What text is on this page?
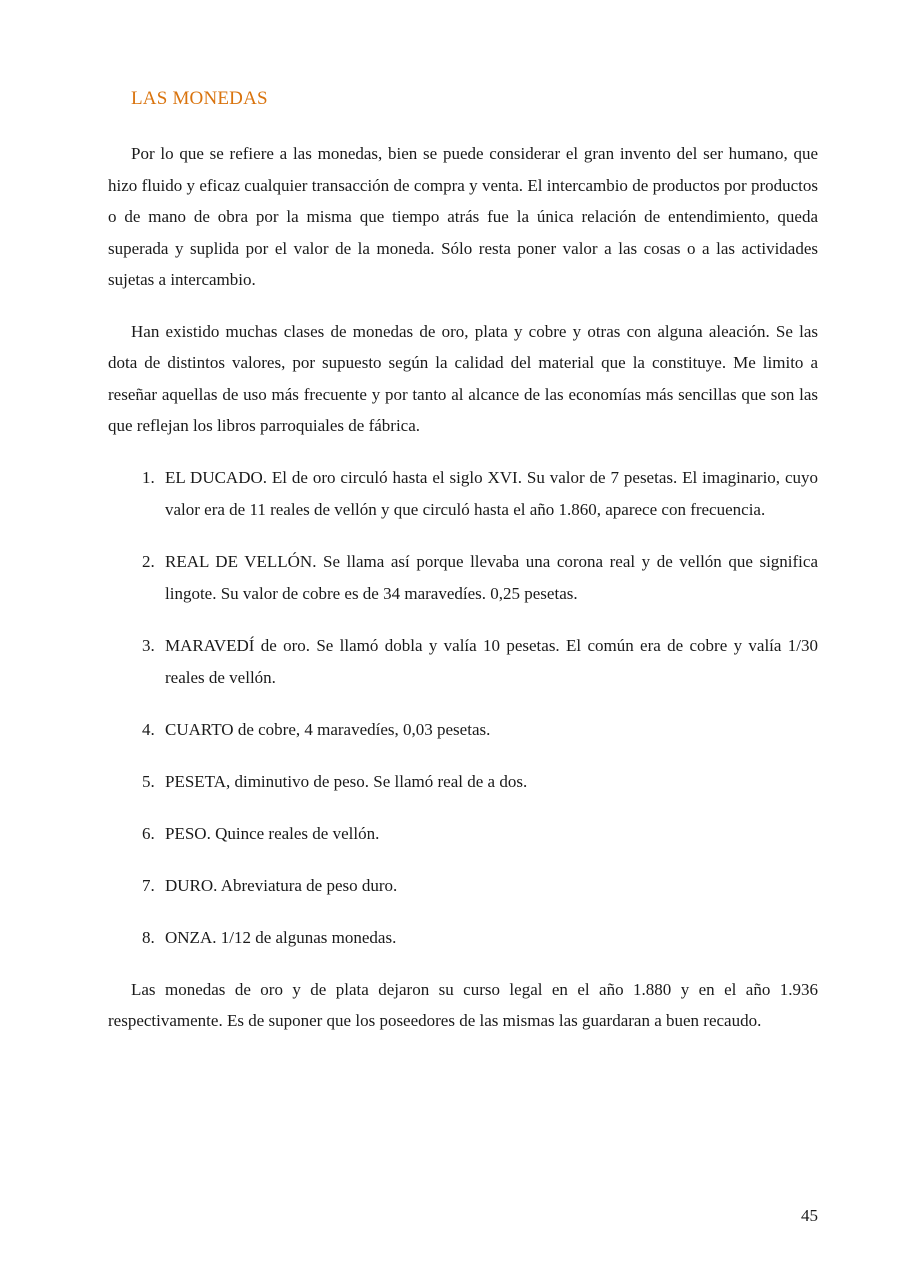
LAS MONEDAS

Por lo que se refiere a las monedas, bien se puede considerar el gran invento del ser humano, que hizo fluido y eficaz cualquier transacción de compra y venta. El intercambio de productos por productos o de mano de obra por la misma que tiempo atrás fue la única relación de entendimiento, queda superada y suplida por el valor de la moneda. Sólo resta poner valor a las cosas o a las actividades sujetas a intercambio.

Han existido muchas clases de monedas de oro, plata y cobre y otras con alguna aleación. Se las dota de distintos valores, por supuesto según la calidad del material que la constituye. Me limito a reseñar aquellas de uso más frecuente y por tanto al alcance de las economías más sencillas que son las que reflejan los libros parroquiales de fábrica.

1. EL DUCADO. El de oro circuló hasta el siglo XVI. Su valor de 7 pesetas. El imaginario, cuyo valor era de 11 reales de vellón y que circuló hasta el año 1.860, aparece con frecuencia.
2. REAL DE VELLÓN. Se llama así porque llevaba una corona real y de vellón que significa lingote. Su valor de cobre es de 34 maravedíes. 0,25 pesetas.
3. MARAVEDÍ de oro. Se llamó dobla y valía 10 pesetas. El común era de cobre y valía 1/30 reales de vellón.
4. CUARTO de cobre, 4 maravedíes, 0,03 pesetas.
5. PESETA, diminutivo de peso. Se llamó real de a dos.
6. PESO. Quince reales de vellón.
7. DURO. Abreviatura de peso duro.
8. ONZA. 1/12 de algunas monedas.

Las monedas de oro y de plata dejaron su curso legal en el año 1.880 y en el año 1.936 respectivamente. Es de suponer que los poseedores de las mismas las guardaran a buen recaudo.

45
